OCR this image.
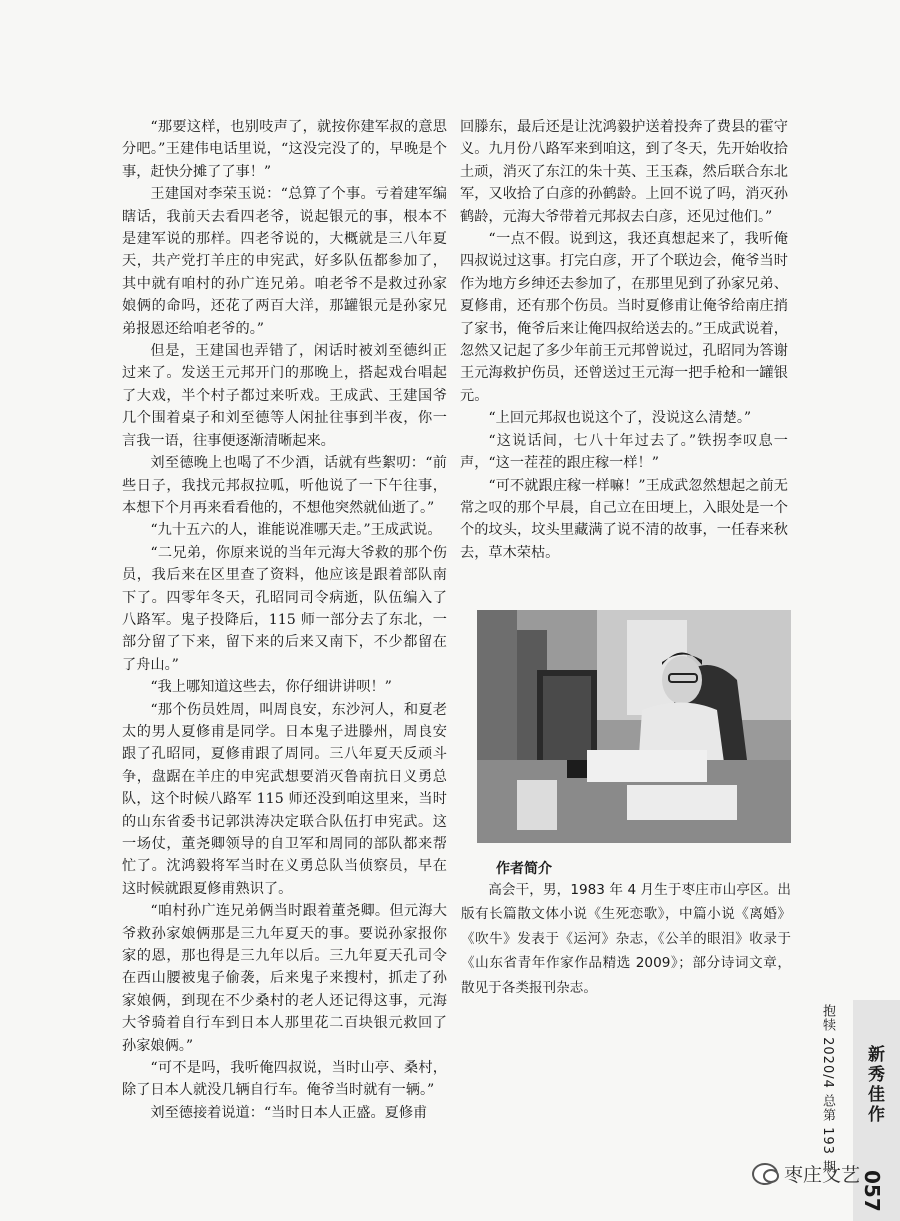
“那要这样，也别吱声了，就按你建军叔的意思分吧。”王建伟电话里说，“这没完没了的，早晚是个事，赶快分摊了了事！”

王建国对李荣玉说：“总算了个事。亏着建军编瞎话，我前天去看四老爷，说起银元的事，根本不是建军说的那样。四老爷说的，大概就是三八年夏天，共产党打羊庄的申宪武，好多队伍都参加了，其中就有咱村的孙广连兄弟。咱老爷不是救过孙家娘俩的命吗，还花了两百大洋，那罐银元是孙家兄弟报恩还给咱老爷的。”

但是，王建国也弄错了，闲话时被刘至德纠正过来了。发送王元邦开门的那晚上，搭起戏台唱起了大戏，半个村子都过来听戏。王成武、王建国爷几个围着桌子和刘至德等人闲扯往事到半夜，你一言我一语，往事便逐渐清晰起来。

刘至德晚上也喝了不少酒，话就有些絮叨：“前些日子，我找元邦叔拉呱，听他说了一下午往事，本想下个月再来看看他的，不想他突然就仙逝了。”

“九十五六的人，谁能说准哪天走。”王成武说。

“二兄弟，你原来说的当年元海大爷救的那个伤员，我后来在区里查了资料，他应该是跟着部队南下了。四零年冬天，孔昭同司令病逝，队伍编入了八路军。鬼子投降后，115 师一部分去了东北，一部分留了下来，留下来的后来又南下，不少都留在了舟山。”

“我上哪知道这些去，你仔细讲讲呗！”

“那个伤员姓周，叫周良安，东沙河人，和夏老太的男人夏修甫是同学。日本鬼子进滕州，周良安跟了孔昭同，夏修甫跟了周同。三八年夏天反顽斗争，盘踞在羊庄的申宪武想要消灭鲁南抗日义勇总队，这个时候八路军 115 师还没到咱这里来，当时的山东省委书记郭洪涛决定联合队伍打申宪武。这一场仗，董尧卿领导的自卫军和周同的部队都来帮忙了。沈鸿毅将军当时在义勇总队当侦察员，早在这时候就跟夏修甫熟识了。

“咱村孙广连兄弟俩当时跟着董尧卿。但元海大爷救孙家娘俩那是三九年夏天的事。要说孙家报你家的恩，那也得是三九年以后。三九年夏天孔司令在西山腰被鬼子偷袭，后来鬼子来搜村，抓走了孙家娘俩，到现在不少桑村的老人还记得这事，元海大爷骑着自行车到日本人那里花二百块银元救回了孙家娘俩。”

“可不是吗，我听俺四叔说，当时山亭、桑村，除了日本人就没几辆自行车。俺爷当时就有一辆。”

刘至德接着说道：“当时日本人正盛。夏修甫

回滕东，最后还是让沈鸿毅护送着投奔了费县的霍守义。九月份八路军来到咱这，到了冬天，先开始收拾土顽，消灭了东江的朱十英、王玉森，然后联合东北军，又收拾了白彦的孙鹤龄。上回不说了吗，消灭孙鹤龄，元海大爷带着元邦叔去白彦，还见过他们。”

“一点不假。说到这，我还真想起来了，我听俺四叔说过这事。打完白彦，开了个联边会，俺爷当时作为地方乡绅还去参加了，在那里见到了孙家兄弟、夏修甫，还有那个伤员。当时夏修甫让俺爷给南庄捎了家书，俺爷后来让俺四叔给送去的。”王成武说着，忽然又记起了多少年前王元邦曾说过，孔昭同为答谢王元海救护伤员，还曾送过王元海一把手枪和一罐银元。

“上回元邦叔也说这个了，没说这么清楚。”

“这说话间，七八十年过去了。”铁拐李叹息一声，“这一茬茬的跟庄稼一样！”

“可不就跟庄稼一样嘛！”王成武忽然想起之前无常之叹的那个早晨，自己立在田埂上，入眼处是一个个的坟头，坟头里藏满了说不清的故事，一任春来秋去，草木荣枯。

作者简介

高会干，男，1983 年 4 月生于枣庄市山亭区。出版有长篇散文体小说《生死恋歌》，中篇小说《离婚》《吹牛》发表于《运河》杂志，《公羊的眼泪》收录于《山东省青年作家作品精选 2009》；部分诗词文章，散见于各类报刊杂志。

抱犊 2020/4 总第 193 期 新秀佳作
057
枣庄文艺
